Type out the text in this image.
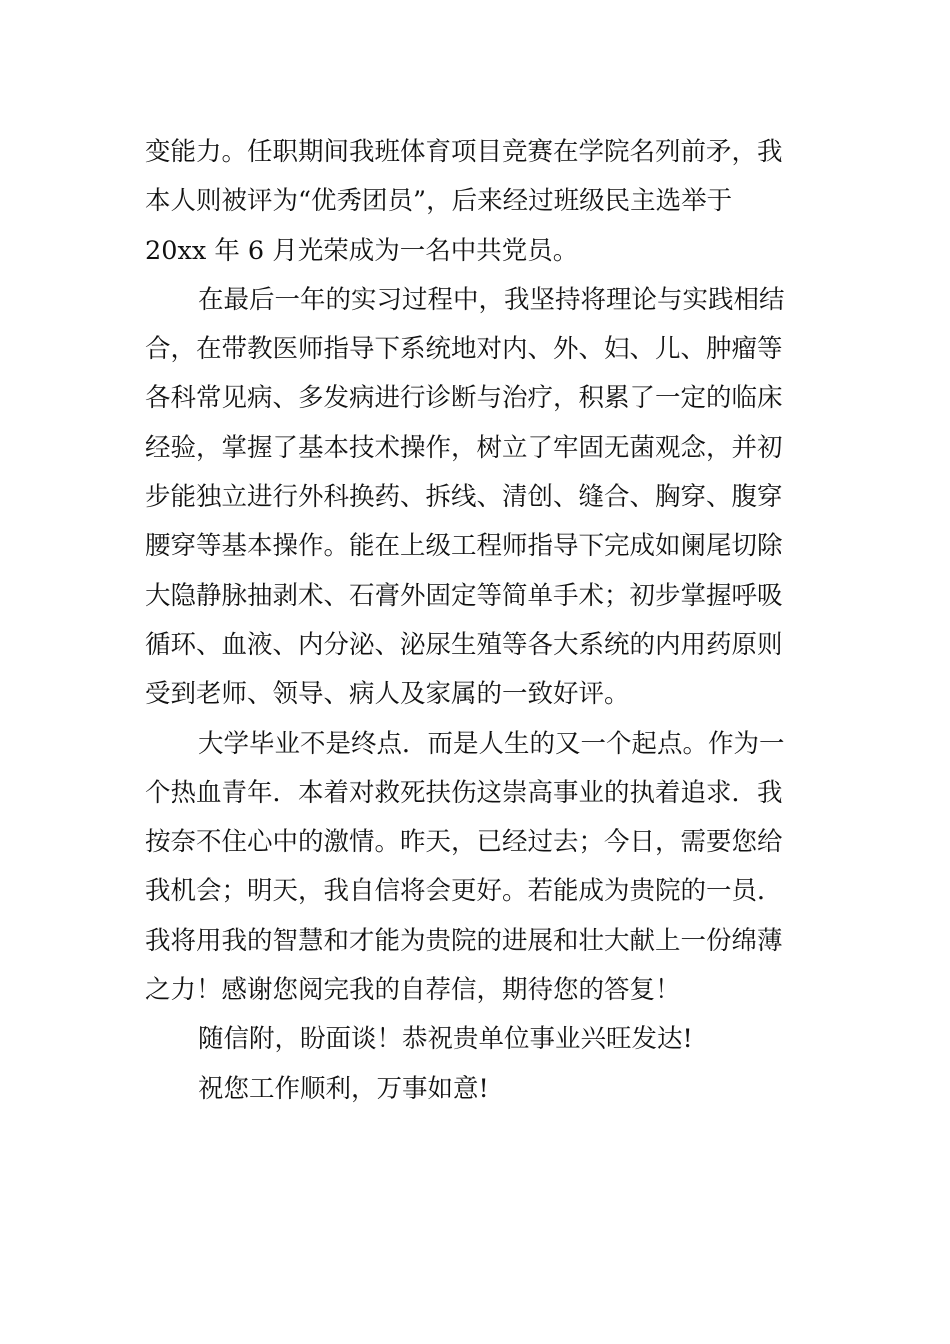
变能力。任职期间我班体育项目竞赛在学院名列前矛，我
本人则被评为“优秀团员”，后来经过班级民主选举于
20xx 年 6 月光荣成为一名中共党员。
在最后一年的实习过程中，我坚持将理论与实践相结
合，在带教医师指导下系统地对内、外、妇、儿、肿瘤等
各科常见病、多发病进行诊断与治疗，积累了一定的临床
经验，掌握了基本技术操作，树立了牢固无菌观念，并初
步能独立进行外科换药、拆线、清创、缝合、胸穿、腹穿
腰穿等基本操作。能在上级工程师指导下完成如阑尾切除
大隐静脉抽剥术、石膏外固定等简单手术；初步掌握呼吸
循环、血液、内分泌、泌尿生殖等各大系统的内用药原则
受到老师、领导、病人及家属的一致好评。
大学毕业不是终点．而是人生的又一个起点。作为一
个热血青年．本着对救死扶伤这崇高事业的执着追求．我
按奈不住心中的激情。昨天，已经过去；今日，需要您给
我机会；明天，我自信将会更好。若能成为贵院的一员．
我将用我的智慧和才能为贵院的进展和壮大献上一份绵薄
之力！感谢您阅完我的自荐信，期待您的答复！
随信附，盼面谈！恭祝贵单位事业兴旺发达!
祝您工作顺利，万事如意!
